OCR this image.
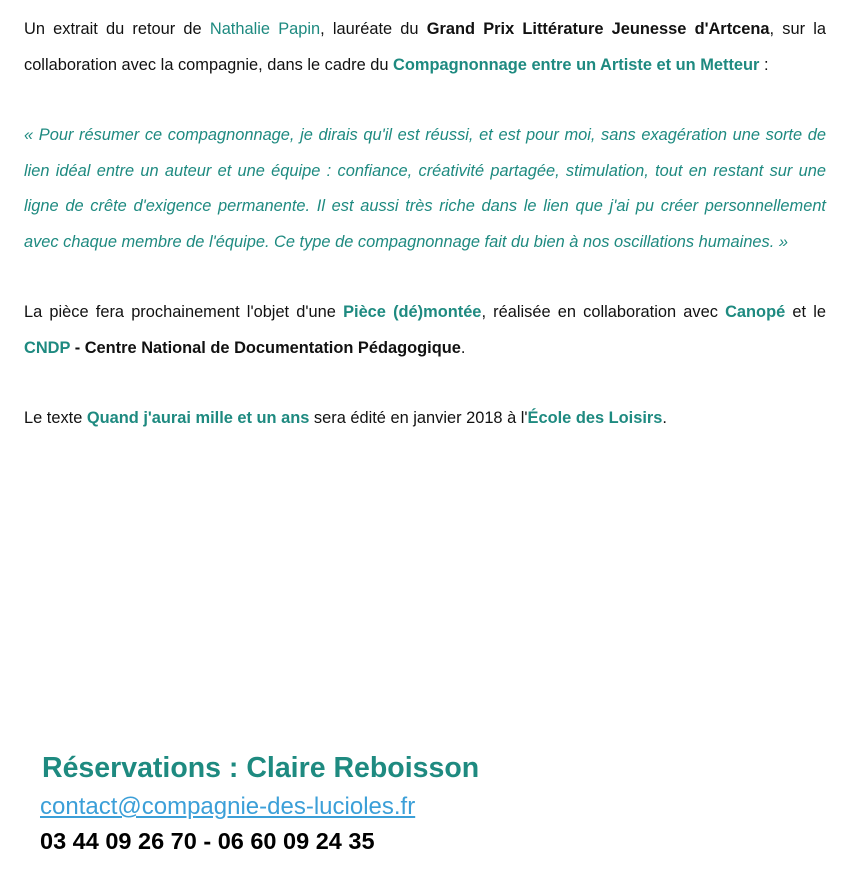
Un extrait du retour de Nathalie Papin, lauréate du Grand Prix Littérature Jeunesse d'Artcena, sur la collaboration avec la compagnie, dans le cadre du Compagnonnage entre un Artiste et un Metteur :

« Pour résumer ce compagnonnage, je dirais qu'il est réussi, et est pour moi, sans exagération une sorte de lien idéal entre un auteur et une équipe : confiance, créativité partagée, stimulation, tout en restant sur une ligne de crête d'exigence permanente. Il est aussi très riche dans le lien que j'ai pu créer personnellement avec chaque membre de l'équipe. Ce type de compagnonnage fait du bien à nos oscillations humaines. »

La pièce fera prochainement l'objet d'une Pièce (dé)montée, réalisée en collaboration avec Canopé et le CNDP - Centre National de Documentation Pédagogique.

Le texte Quand j'aurai mille et un ans sera édité en janvier 2018 à l'École des Loisirs.

Réservations : Claire Reboisson
contact@compagnie-des-lucioles.fr
03 44 09 26 70 - 06 60 09 24 35
